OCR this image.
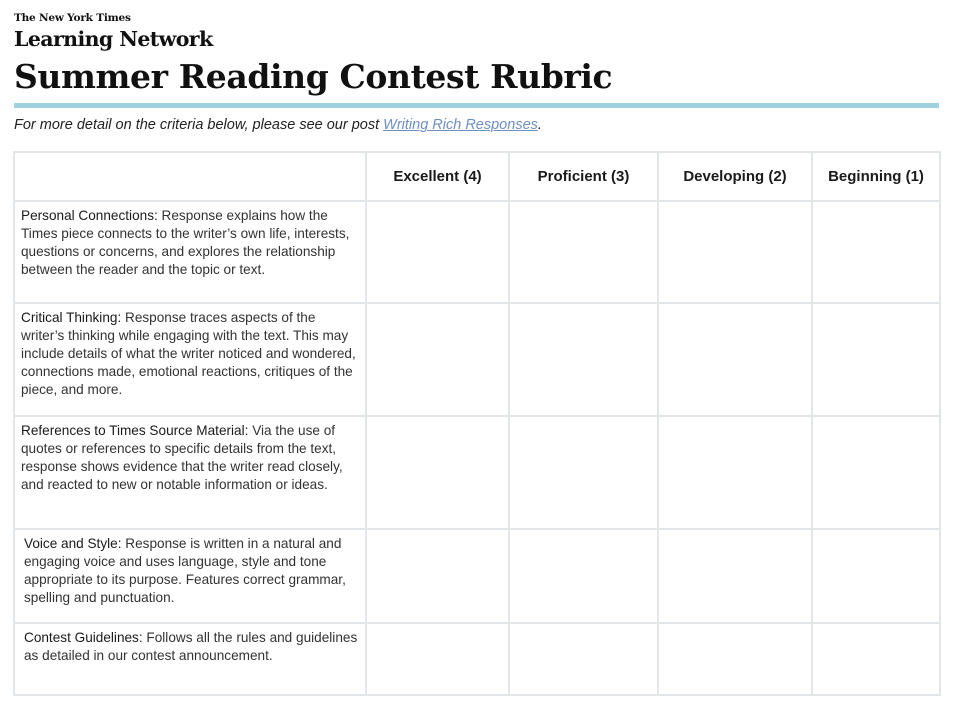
The New York Times
Learning Network
Summer Reading Contest Rubric

For more detail on the criteria below, please see our post Writing Rich Responses.

	Excellent (4)	Proficient (3)	Developing (2)	Beginning (1)
Personal Connections: Response explains how the Times piece connects to the writer’s own life, interests, questions or concerns, and explores the relationship between the reader and the topic or text.				
Critical Thinking: Response traces aspects of the writer’s thinking while engaging with the text. This may include details of what the writer noticed and wondered, connections made, emotional reactions, critiques of the piece, and more.				
References to Times Source Material: Via the use of quotes or references to specific details from the text, response shows evidence that the writer read closely, and reacted to new or notable information or ideas.				
Voice and Style: Response is written in a natural and engaging voice and uses language, style and tone appropriate to its purpose. Features correct grammar, spelling and punctuation.				
Contest Guidelines: Follows all the rules and guidelines as detailed in our contest announcement.				
